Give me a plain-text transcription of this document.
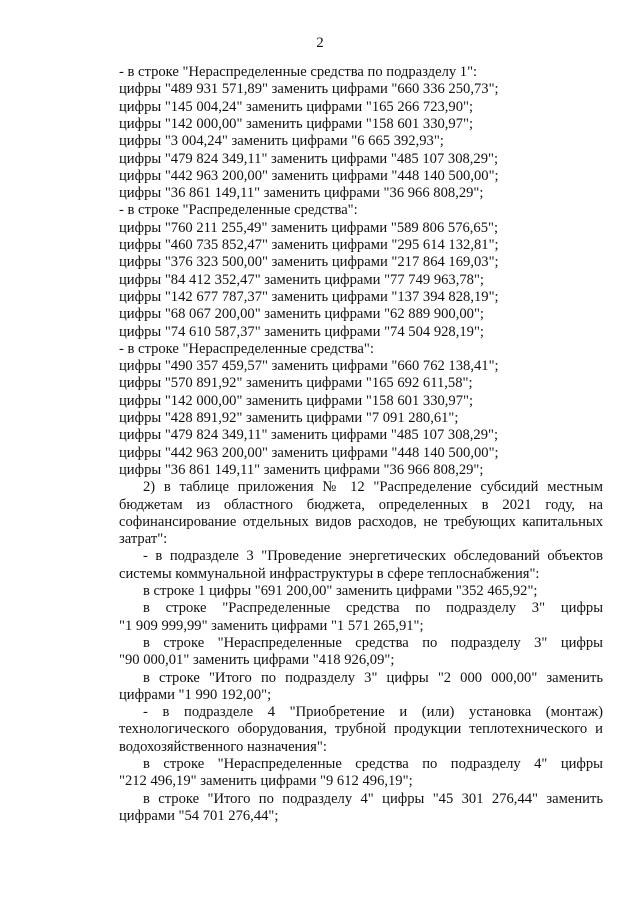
2
- в строке "Нераспределенные средства по подразделу 1":
цифры "489 931 571,89" заменить цифрами "660 336 250,73";
цифры "145 004,24" заменить цифрами "165 266 723,90";
цифры "142 000,00" заменить цифрами "158 601 330,97";
цифры "3 004,24" заменить цифрами "6 665 392,93";
цифры "479 824 349,11" заменить цифрами "485 107 308,29";
цифры "442 963 200,00" заменить цифрами "448 140 500,00";
цифры "36 861 149,11" заменить цифрами "36 966 808,29";
- в строке "Распределенные средства":
цифры "760 211 255,49" заменить цифрами "589 806 576,65";
цифры "460 735 852,47" заменить цифрами "295 614 132,81";
цифры "376 323 500,00" заменить цифрами "217 864 169,03";
цифры "84 412 352,47" заменить цифрами "77 749 963,78";
цифры "142 677 787,37" заменить цифрами "137 394 828,19";
цифры "68 067 200,00" заменить цифрами "62 889 900,00";
цифры "74 610 587,37" заменить цифрами "74 504 928,19";
- в строке "Нераспределенные средства":
цифры "490 357 459,57" заменить цифрами "660 762 138,41";
цифры "570 891,92" заменить цифрами "165 692 611,58";
цифры "142 000,00" заменить цифрами "158 601 330,97";
цифры "428 891,92" заменить цифрами "7 091 280,61";
цифры "479 824 349,11" заменить цифрами "485 107 308,29";
цифры "442 963 200,00" заменить цифрами "448 140 500,00";
цифры "36 861 149,11" заменить цифрами "36 966 808,29";
2) в таблице приложения № 12 "Распределение субсидий местным
бюджетам из областного бюджета, определенных в 2021 году, на
софинансирование отдельных видов расходов, не требующих капитальных
затрат":
- в подразделе 3 "Проведение энергетических обследований объектов
системы коммунальной инфраструктуры в сфере теплоснабжения":
в строке 1 цифры "691 200,00" заменить цифрами "352 465,92";
в строке "Распределенные средства по подразделу 3" цифры
"1 909 999,99" заменить цифрами "1 571 265,91";
в строке "Нераспределенные средства по подразделу 3" цифры
"90 000,01" заменить цифрами "418 926,09";
в строке "Итого по подразделу 3" цифры "2 000 000,00" заменить
цифрами "1 990 192,00";
- в подразделе 4 "Приобретение и (или) установка (монтаж)
технологического оборудования, трубной продукции теплотехнического и
водохозяйственного назначения":
в строке "Нераспределенные средства по подразделу 4" цифры
"212 496,19" заменить цифрами "9 612 496,19";
в строке "Итого по подразделу 4" цифры "45 301 276,44" заменить
цифрами "54 701 276,44";
